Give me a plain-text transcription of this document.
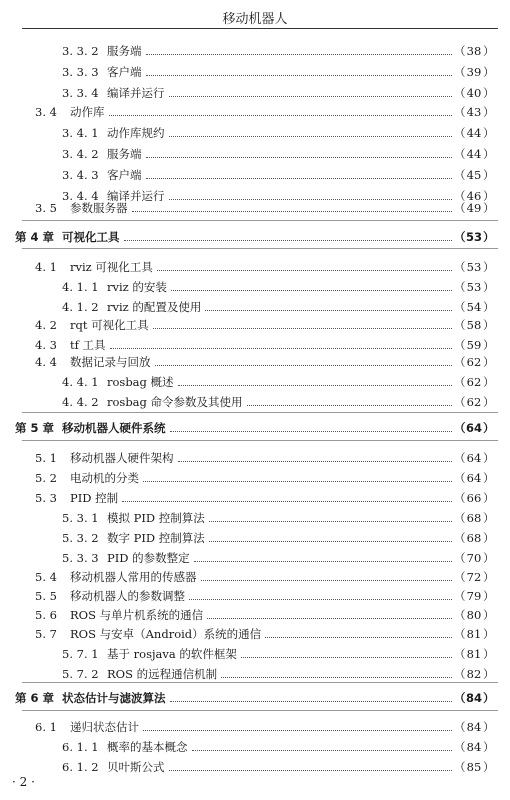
移动机器人
3. 3. 2 服务端	（38 ）
3. 3. 3 客户端	（39 ）
3. 3. 4 编译并运行	（40 ）
3. 4 动作库	（43 ）
3. 4. 1 动作库规约	（44 ）
3. 4. 2 服务端	（44 ）
3. 4. 3 客户端	（45 ）
3. 4. 4 编译并运行	（46 ）
3. 5 参数服务器	（49 ）
第 4 章 可视化工具	（53）
4. 1 rviz 可视化工具	（53 ）
4. 1. 1 rviz 的安装	（53 ）
4. 1. 2 rviz 的配置及使用	（54 ）
4. 2 rqt 可视化工具	（58 ）
4. 3 tf 工具	（59 ）
4. 4 数据记录与回放	（62 ）
4. 4. 1 rosbag 概述	（62 ）
4. 4. 2 rosbag 命令参数及其使用	（62 ）
第 5 章 移动机器人硬件系统	（64）
5. 1 移动机器人硬件架构	（64 ）
5. 2 电动机的分类	（64 ）
5. 3 PID 控制	（66 ）
5. 3. 1 模拟 PID 控制算法	（68 ）
5. 3. 2 数字 PID 控制算法	（68 ）
5. 3. 3 PID 的参数整定	（70 ）
5. 4 移动机器人常用的传感器	（72 ）
5. 5 移动机器人的参数调整	（79 ）
5. 6 ROS 与单片机系统的通信	（80 ）
5. 7 ROS 与安卓（Android）系统的通信	（81 ）
5. 7. 1 基于 rosjava 的软件框架	（81 ）
5. 7. 2 ROS 的远程通信机制	（82 ）
第 6 章 状态估计与滤波算法	（84）
6. 1 递归状态估计	（84 ）
6. 1. 1 概率的基本概念	（84 ）
6. 1. 2 贝叶斯公式	（85 ）
· 2 ·
